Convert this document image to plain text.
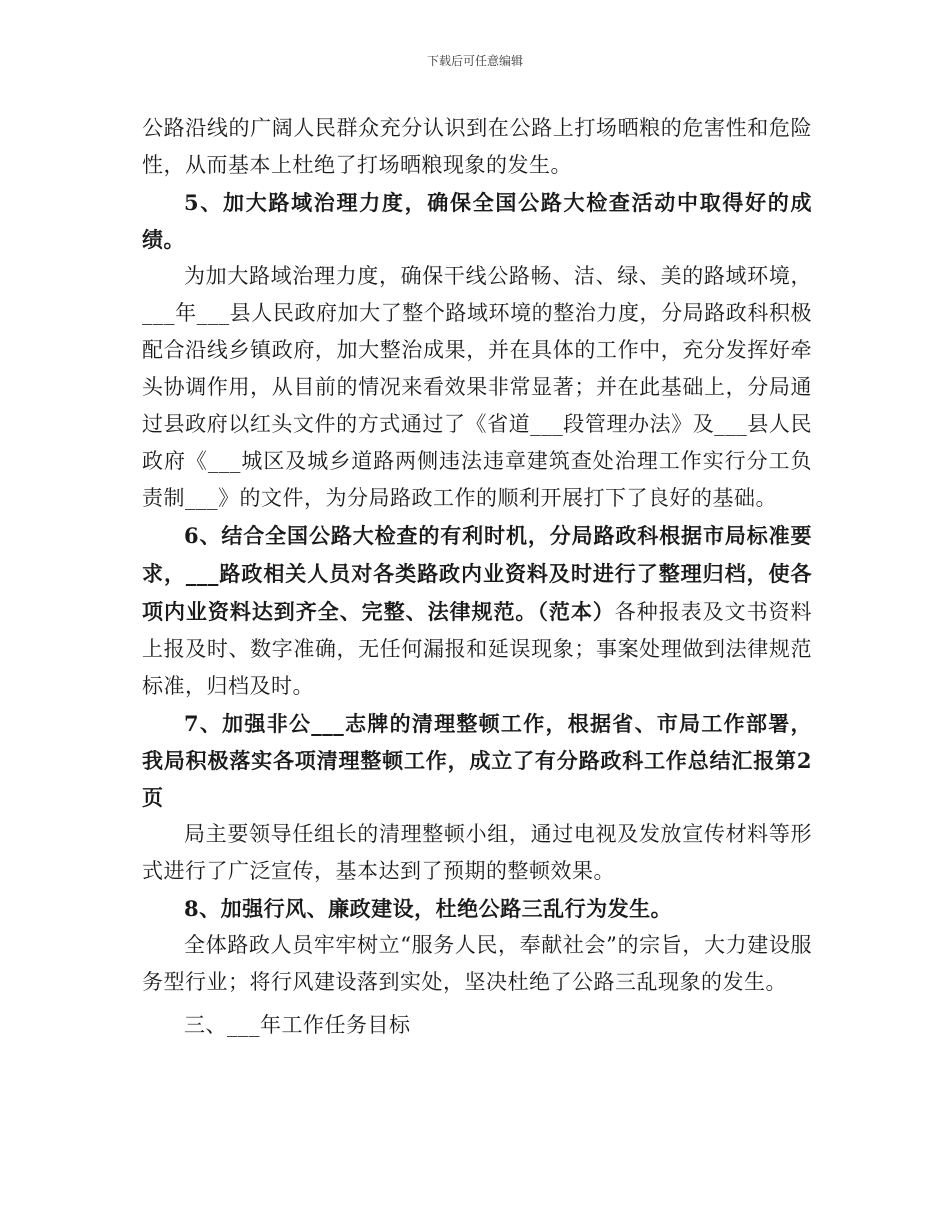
下载后可任意编辑

公路沿线的广阔人民群众充分认识到在公路上打场晒粮的危害性和危险性，从而基本上杜绝了打场晒粮现象的发生。

5、加大路域治理力度，确保全国公路大检查活动中取得好的成绩。

为加大路域治理力度，确保干线公路畅、洁、绿、美的路域环境，___年___县人民政府加大了整个路域环境的整治力度，分局路政科积极配合沿线乡镇政府，加大整治成果，并在具体的工作中，充分发挥好牵头协调作用，从目前的情况来看效果非常显著；并在此基础上，分局通过县政府以红头文件的方式通过了《省道___段管理办法》及___县人民政府《___城区及城乡道路两侧违法违章建筑查处治理工作实行分工负责制___》的文件，为分局路政工作的顺利开展打下了良好的基础。

6、结合全国公路大检查的有利时机，分局路政科根据市局标准要求，___路政相关人员对各类路政内业资料及时进行了整理归档，使各项内业资料达到齐全、完整、法律规范。（范本）各种报表及文书资料上报及时、数字准确，无任何漏报和延误现象；事案处理做到法律规范标准，归档及时。

7、加强非公___志牌的清理整顿工作，根据省、市局工作部署，我局积极落实各项清理整顿工作，成立了有分路政科工作总结汇报第2页

局主要领导任组长的清理整顿小组，通过电视及发放宣传材料等形式进行了广泛宣传，基本达到了预期的整顿效果。

8、加强行风、廉政建设，杜绝公路三乱行为发生。

全体路政人员牢牢树立“服务人民，奉献社会”的宗旨，大力建设服务型行业；将行风建设落到实处，坚决杜绝了公路三乱现象的发生。

三、___年工作任务目标
